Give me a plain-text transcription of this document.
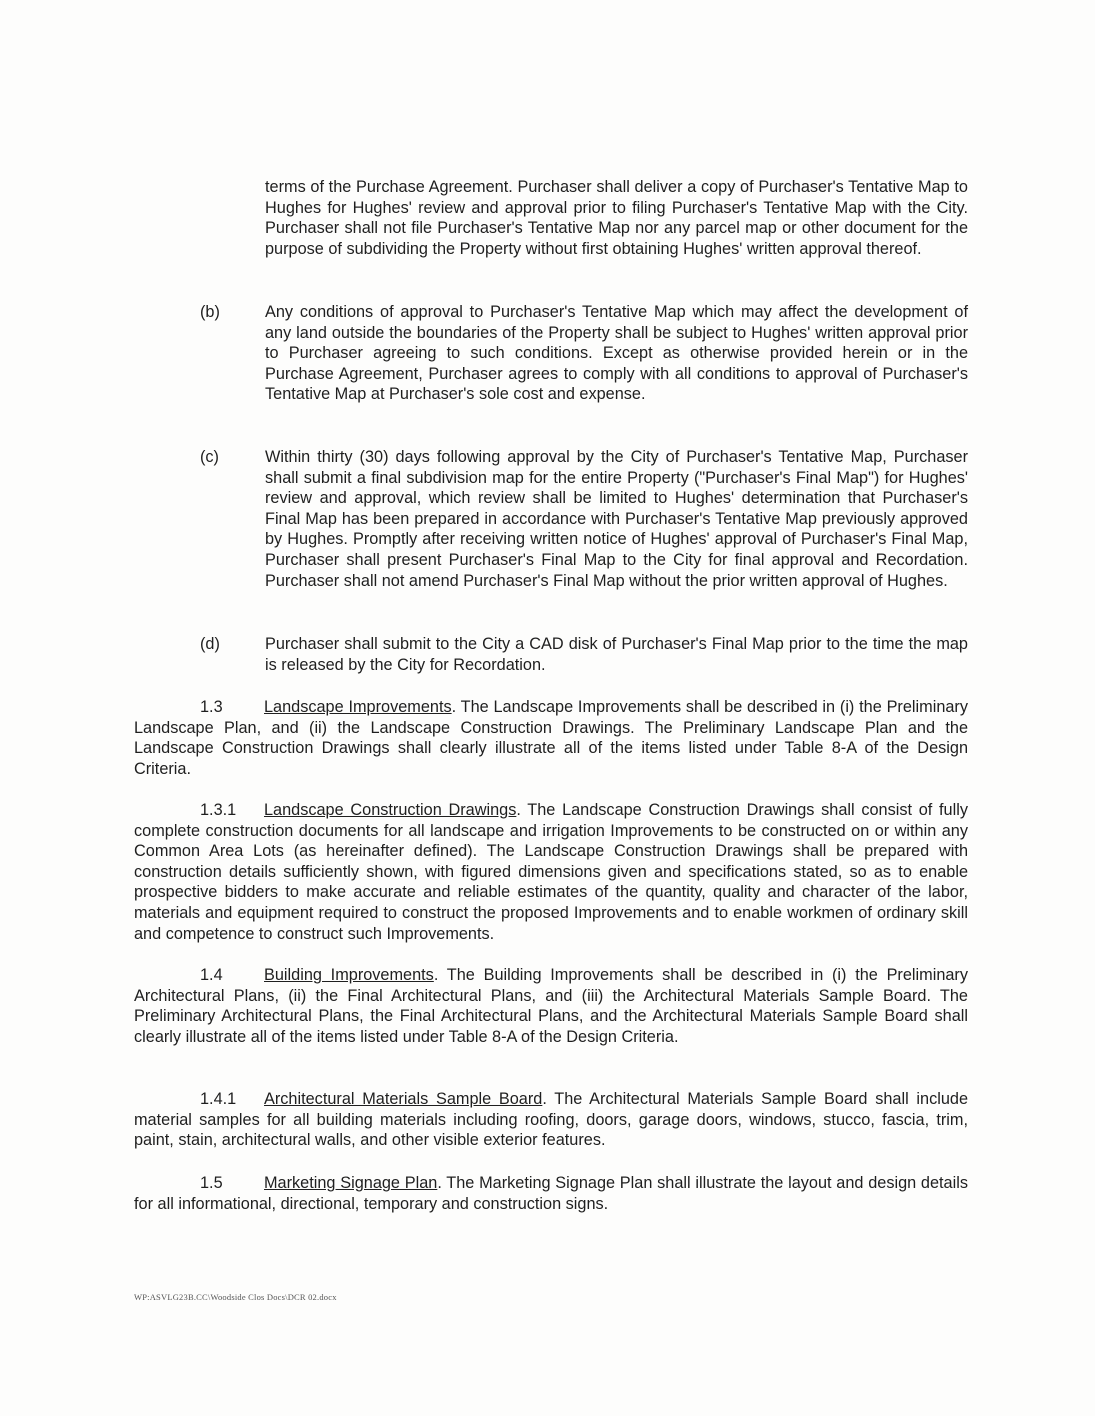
terms of the Purchase Agreement. Purchaser shall deliver a copy of Purchaser's Tentative Map to Hughes for Hughes' review and approval prior to filing Purchaser's Tentative Map with the City. Purchaser shall not file Purchaser's Tentative Map nor any parcel map or other document for the purpose of subdividing the Property without first obtaining Hughes' written approval thereof.

(b)	Any conditions of approval to Purchaser's Tentative Map which may affect the development of any land outside the boundaries of the Property shall be subject to Hughes' written approval prior to Purchaser agreeing to such conditions. Except as otherwise provided herein or in the Purchase Agreement, Purchaser agrees to comply with all conditions to approval of Purchaser's Tentative Map at Purchaser's sole cost and expense.

(c)	Within thirty (30) days following approval by the City of Purchaser's Tentative Map, Purchaser shall submit a final subdivision map for the entire Property ("Purchaser's Final Map") for Hughes' review and approval, which review shall be limited to Hughes' determination that Purchaser's Final Map has been prepared in accordance with Purchaser's Tentative Map previously approved by Hughes. Promptly after receiving written notice of Hughes' approval of Purchaser's Final Map, Purchaser shall present Purchaser's Final Map to the City for final approval and Recordation. Purchaser shall not amend Purchaser's Final Map without the prior written approval of Hughes.

(d)	Purchaser shall submit to the City a CAD disk of Purchaser's Final Map prior to the time the map is released by the City for Recordation.

1.3	Landscape Improvements. The Landscape Improvements shall be described in (i) the Preliminary Landscape Plan, and (ii) the Landscape Construction Drawings. The Preliminary Landscape Plan and the Landscape Construction Drawings shall clearly illustrate all of the items listed under Table 8-A of the Design Criteria.

1.3.1 Landscape Construction Drawings. The Landscape Construction Drawings shall consist of fully complete construction documents for all landscape and irrigation Improvements to be constructed on or within any Common Area Lots (as hereinafter defined). The Landscape Construction Drawings shall be prepared with construction details sufficiently shown, with figured dimensions given and specifications stated, so as to enable prospective bidders to make accurate and reliable estimates of the quantity, quality and character of the labor, materials and equipment required to construct the proposed Improvements and to enable workmen of ordinary skill and competence to construct such Improvements.

1.4	Building Improvements. The Building Improvements shall be described in (i) the Preliminary Architectural Plans, (ii) the Final Architectural Plans, and (iii) the Architectural Materials Sample Board. The Preliminary Architectural Plans, the Final Architectural Plans, and the Architectural Materials Sample Board shall clearly illustrate all of the items listed under Table 8-A of the Design Criteria.

1.4.1 Architectural Materials Sample Board. The Architectural Materials Sample Board shall include material samples for all building materials including roofing, doors, garage doors, windows, stucco, fascia, trim, paint, stain, architectural walls, and other visible exterior features.

1.5	Marketing Signage Plan. The Marketing Signage Plan shall illustrate the layout and design details for all informational, directional, temporary and construction signs.

WP:ASVLG23B.CC\Woodside Clos Docs\DCR 02.docx
